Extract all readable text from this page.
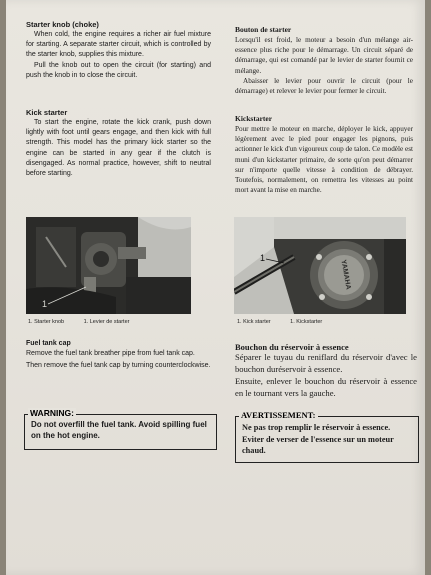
Starter knob (choke)

When cold, the engine requires a richer air fuel mixture for starting. A separate starter circuit, which is controlled by the starter knob, supplies this mixture.

Pull the knob out to open the circuit (for starting) and push the knob in to close the circuit.

Kick starter

To start the engine, rotate the kick crank, push down lightly with foot until gears engage, and then kick with full strength. This model has the primary kick starter so the engine can be started in any gear if the clutch is disengaged. As normal practice, however, shift to neutral before starting.

1
1. Starter knob	1. Levier de starter

Fuel tank cap

Remove the fuel tank breather pipe from fuel tank cap.

Then remove the fuel tank cap by turning counterclockwise.

Do not overfill the fuel tank. Avoid spilling fuel on the hot engine.
WARNING:
Bouton de starter

Lorsqu'il est froid, le moteur a besoin d'un mélange air-essence plus riche pour le démarrage. Un circuit séparé de démarrage, qui est comandé par le levier de starter fournit ce mélange.

Abaisser le levier pour ouvrir le circuit (pour le démarrage) et relever le levier pour fermer le circuit.

Kickstarter

Pour mettre le moteur en marche, déployer le kick, appuyer légèrement avec le pied pour engager les pignons, puis actionner le kick d'un vigoureux coup de talon. Ce modèle est muni d'un kickstarter primaire, de sorte qu'on peut démarrer sur n'importe quelle vitesse à condition de débrayer. Toutefois, normalement, on remettra les vitesses au point mort avant la mise en marche.

YAMAHA
1
1. Kick starter	1. Kickstarter

Bouchon du réservoir à essence

Séparer le tuyau du reniflard du réservoir d'avec le bouchon duréservoir à essence.

Ensuite, enlever le bouchon du réservoir à essence en le tournant vers la gauche.

Ne pas trop remplir le réservoir à essence. Eviter de verser de l'essence sur un moteur chaud.
AVERTISSEMENT:
